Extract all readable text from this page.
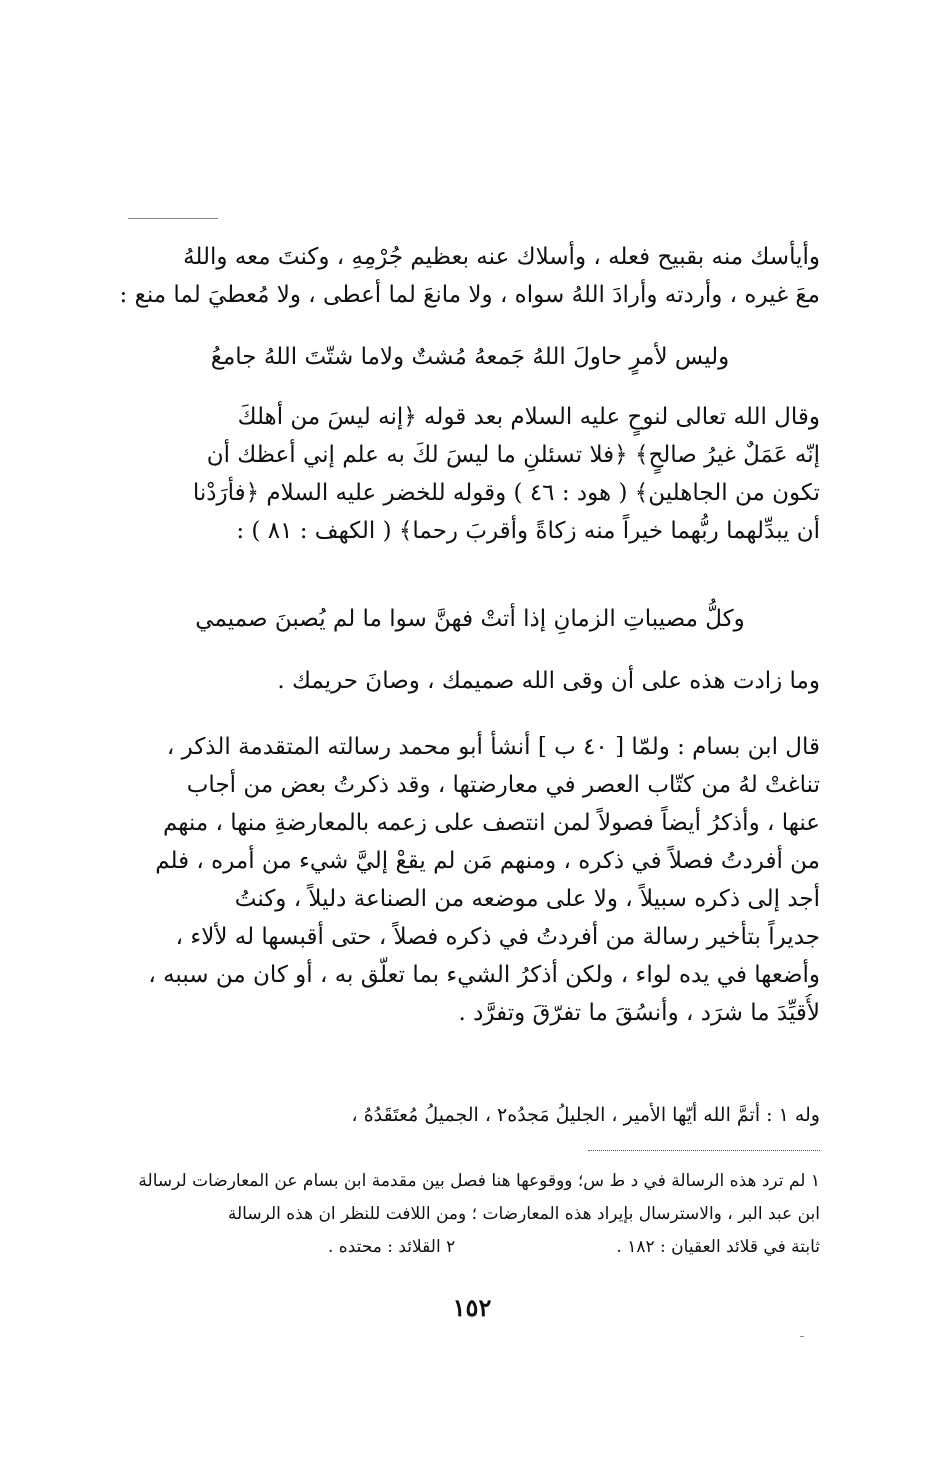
وأيأسك منه بقبيح فعله ، وأسلاك عنه بعظيم جُرْمِهِ ، وكنتَ معه واللهُ
معَ غيره ، وأردته وأرادَ اللهُ سواه ، ولا مانعَ لما أعطى ، ولا مُعطيَ لما منع :
وليس لأمرٍ حاولَ اللهُ جَمعهُ مُشتٌ ولاما شتّتَ اللهُ جامعُ
وقال الله تعالى لنوحٍ عليه السلام بعد قوله ﴿إنه ليسَ من أهلكَ
إنّه عَمَلٌ غيرُ صالحٍ﴾ ﴿فلا تسئلنِ ما ليسَ لكَ به علم إني أعظك أن
تكون من الجاهلين﴾ ( هود : ٤٦ ) وقوله للخضر عليه السلام ﴿فأرَدْنا
أن يبدِّلهما ربُّهما خيراً منه زكاةً وأقربَ رحما﴾ ( الكهف : ٨١ ) :
وكلُّ مصيباتِ الزمانِ إذا أتتْ فهنَّ سوا ما لم يُصبنَ صميمي
وما زادت هذه على أن وقى الله صميمك ، وصانَ حريمك .
قال ابن بسام : ولمّا [ ٤٠ ب ] أنشأ أبو محمد رسالته المتقدمة الذكر ،
تناغتْ لهُ من كتّاب العصر في معارضتها ، وقد ذكرتُ بعض من أجاب
عنها ، وأذكرُ أيضاً فصولاً لمن انتصف على زعمه بالمعارضةِ منها ، منهم
من أفردتُ فصلاً في ذكره ، ومنهم مَن لم يقعْ إليَّ شيء من أمره ، فلم
أجد إلى ذكره سبيلاً ، ولا على موضعه من الصناعة دليلاً ، وكنتُ
جديراً بتأخير رسالة من أفردتُ في ذكره فصلاً ، حتى أقبسها له لألاء ،
وأضعها في يده لواء ، ولكن أذكرُ الشيء بما تعلّق به ، أو كان من سببه ،
لأُقيِّدَ ما شرَد ، وأنسُقَ ما تفرّقَ وتفرَّد .
وله ١ : أتمَّ الله أيّها الأمير ، الجليلُ مَجدُه٢ ، الجميلُ مُعتَقَدُهُ ،
١ لم ترد هذه الرسالة في د ط س؛ ووقوعها هنا فصل بين مقدمة ابن بسام عن المعارضات لرسالة
ابن عبد البر ، والاسترسال بإيراد هذه المعارضات ؛ ومن اللافت للنظر ان هذه الرسالة
ثابتة في قلائد العقيان : ١٨٢ .
٢ القلائد : محتده .
١٥٢
